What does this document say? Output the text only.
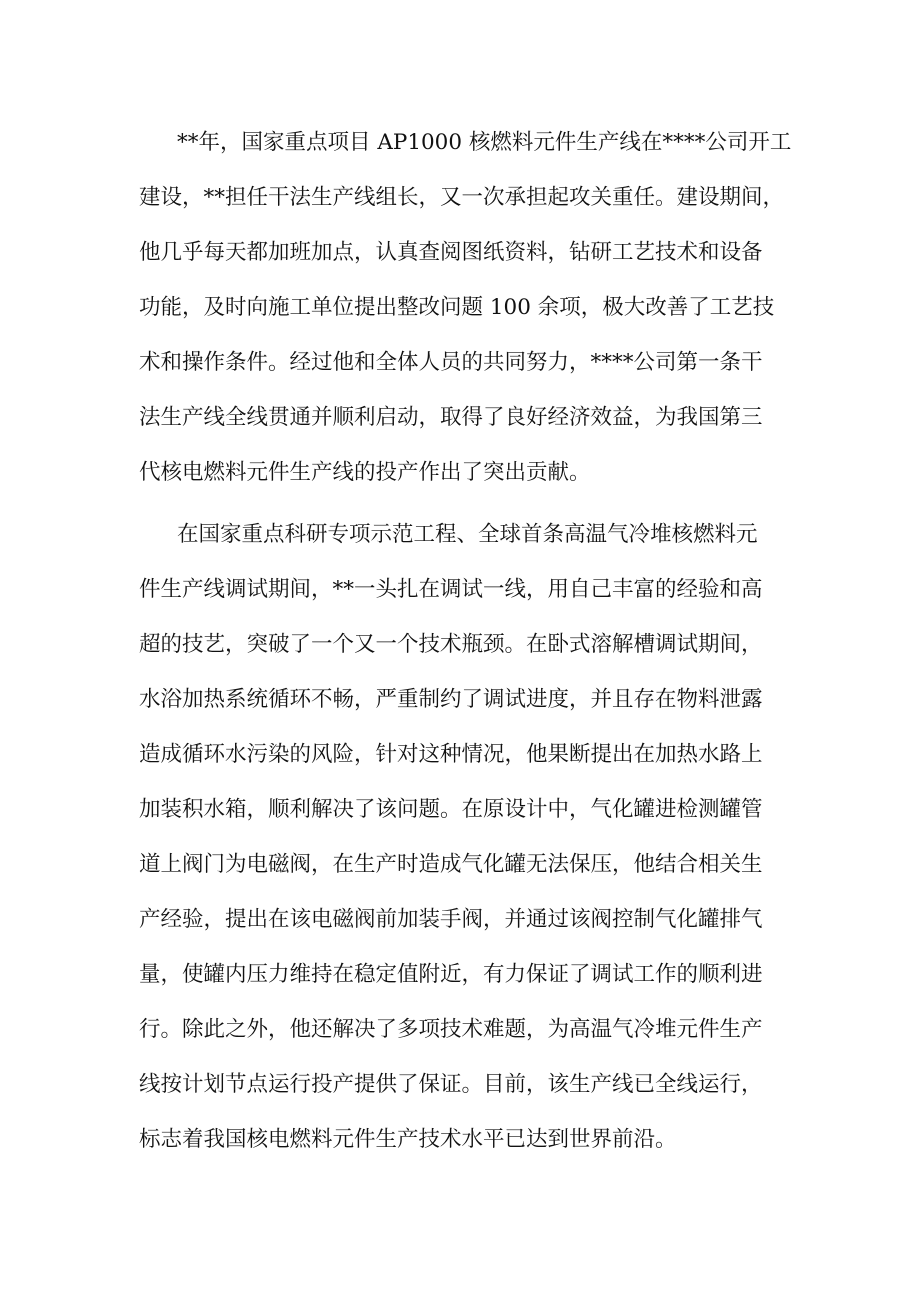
**年，国家重点项目 AP1000 核燃料元件生产线在****公司开工
建设，**担任干法生产线组长，又一次承担起攻关重任。建设期间，
他几乎每天都加班加点，认真查阅图纸资料，钻研工艺技术和设备
功能，及时向施工单位提出整改问题 100 余项，极大改善了工艺技
术和操作条件。经过他和全体人员的共同努力，****公司第一条干
法生产线全线贯通并顺利启动，取得了良好经济效益，为我国第三
代核电燃料元件生产线的投产作出了突出贡献。
在国家重点科研专项示范工程、全球首条高温气冷堆核燃料元
件生产线调试期间，**一头扎在调试一线，用自己丰富的经验和高
超的技艺，突破了一个又一个技术瓶颈。在卧式溶解槽调试期间，
水浴加热系统循环不畅，严重制约了调试进度，并且存在物料泄露
造成循环水污染的风险，针对这种情况，他果断提出在加热水路上
加装积水箱，顺利解决了该问题。在原设计中，气化罐进检测罐管
道上阀门为电磁阀，在生产时造成气化罐无法保压，他结合相关生
产经验，提出在该电磁阀前加装手阀，并通过该阀控制气化罐排气
量，使罐内压力维持在稳定值附近，有力保证了调试工作的顺利进
行。除此之外，他还解决了多项技术难题，为高温气冷堆元件生产
线按计划节点运行投产提供了保证。目前，该生产线已全线运行，
标志着我国核电燃料元件生产技术水平已达到世界前沿。
